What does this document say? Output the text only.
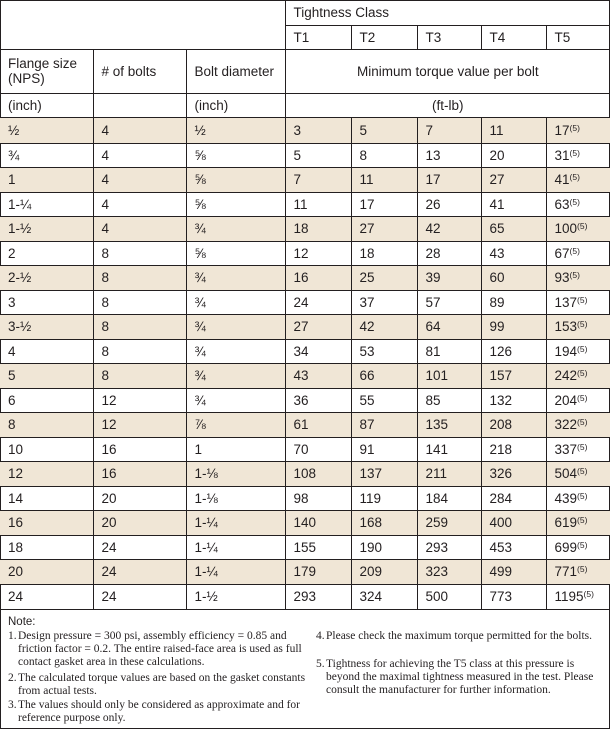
			Tightness Class				
			T1	T2	T3	T4	T5
Flange size (NPS)	# of bolts	Bolt diameter	Minimum torque value per bolt				
(inch)		(inch)	(ft-lb)				
½	4	½	3	5	7	11	17$^{(5)}$
¾	4	⅝	5	8	13	20	31$^{(5)}$
1	4	⅝	7	11	17	27	41$^{(5)}$
1-¼	4	⅝	11	17	26	41	63$^{(5)}$
1-½	4	¾	18	27	42	65	100$^{(5)}$
2	8	⅝	12	18	28	43	67$^{(5)}$
2-½	8	¾	16	25	39	60	93$^{(5)}$
3	8	¾	24	37	57	89	137$^{(5)}$
3-½	8	¾	27	42	64	99	153$^{(5)}$
4	8	¾	34	53	81	126	194$^{(5)}$
5	8	¾	43	66	101	157	242$^{(5)}$
6	12	¾	36	55	85	132	204$^{(5)}$
8	12	⅞	61	87	135	208	322$^{(5)}$
10	16	1	70	91	141	218	337$^{(5)}$
12	16	1-⅛	108	137	211	326	504$^{(5)}$
14	20	1-⅛	98	119	184	284	439$^{(5)}$
16	20	1-¼	140	168	259	400	619$^{(5)}$
18	24	1-¼	155	190	293	453	699$^{(5)}$
20	24	1-¼	179	209	323	499	771$^{(5)}$
24	24	1-½	293	324	500	773	1195$^{(5)}$
Note:
1. Design pressure = 300 psi, assembly efficiency = 0.85 and friction factor = 0.2. The entire raised-face area is used as full contact gasket area in these calculations.
2. The calculated torque values are based on the gasket constants from actual tests.
3. The values should only be considered as approximate and for reference purpose only.
4. Please check the maximum torque permitted for the bolts.
5. Tightness for achieving the T5 class at this pressure is beyond the maximal tightness measured in the test. Please consult the manufacturer for further information.
